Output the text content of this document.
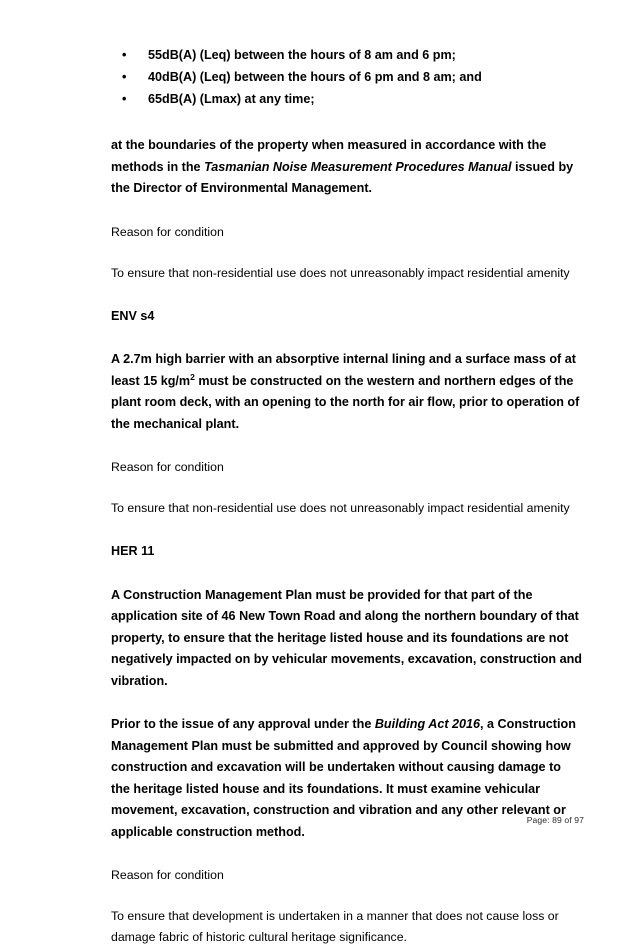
• 55dB(A) (Leq) between the hours of 8 am and 6 pm;
• 40dB(A) (Leq) between the hours of 6 pm and 8 am; and
• 65dB(A) (Lmax) at any time;

at the boundaries of the property when measured in accordance with the methods in the Tasmanian Noise Measurement Procedures Manual issued by the Director of Environmental Management.

Reason for condition

To ensure that non-residential use does not unreasonably impact residential amenity

ENV s4

A 2.7m high barrier with an absorptive internal lining and a surface mass of at least 15 $kg/m^2$ must be constructed on the western and northern edges of the plant room deck, with an opening to the north for air flow, prior to operation of the mechanical plant.

Reason for condition

To ensure that non-residential use does not unreasonably impact residential amenity

HER 11

A Construction Management Plan must be provided for that part of the application site of 46 New Town Road and along the northern boundary of that property, to ensure that the heritage listed house and its foundations are not negatively impacted on by vehicular movements, excavation, construction and vibration.

Prior to the issue of any approval under the Building Act 2016, a Construction Management Plan must be submitted and approved by Council showing how construction and excavation will be undertaken without causing damage to the heritage listed house and its foundations. It must examine vehicular movement, excavation, construction and vibration and any other relevant or applicable construction method.

Reason for condition

To ensure that development is undertaken in a manner that does not cause loss or damage fabric of historic cultural heritage significance.

Page: 89 of 97
